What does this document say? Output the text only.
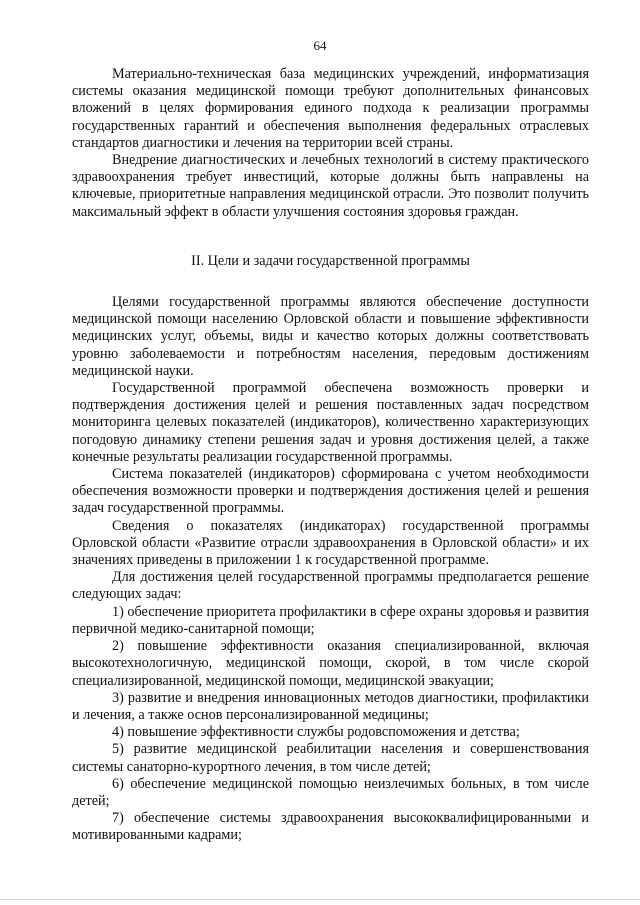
64

Материально-техническая база медицинских учреждений, информатизация системы оказания медицинской помощи требуют дополнительных финансовых вложений в целях формирования единого подхода к реализации программы государственных гарантий и обеспечения выполнения федеральных отраслевых стандартов диагностики и лечения на территории всей страны.

Внедрение диагностических и лечебных технологий в систему практического здравоохранения требует инвестиций, которые должны быть направлены на ключевые, приоритетные направления медицинской отрасли. Это позволит получить максимальный эффект в области улучшения состояния здоровья граждан.

II. Цели и задачи государственной программы

Целями государственной программы являются обеспечение доступности медицинской помощи населению Орловской области и повышение эффективности медицинских услуг, объемы, виды и качество которых должны соответствовать уровню заболеваемости и потребностям населения, передовым достижениям медицинской науки.

Государственной программой обеспечена возможность проверки и подтверждения достижения целей и решения поставленных задач посредством мониторинга целевых показателей (индикаторов), количественно характеризующих погодовую динамику степени решения задач и уровня достижения целей, а также конечные результаты реализации государственной программы.

Система показателей (индикаторов) сформирована с учетом необходимости обеспечения возможности проверки и подтверждения достижения целей и решения задач государственной программы.

Сведения о показателях (индикаторах) государственной программы Орловской области «Развитие отрасли здравоохранения в Орловской области» и их значениях приведены в приложении 1 к государственной программе.

Для достижения целей государственной программы предполагается решение следующих задач:

1) обеспечение приоритета профилактики в сфере охраны здоровья и развития первичной медико-санитарной помощи;

2) повышение эффективности оказания специализированной, включая высокотехнологичную, медицинской помощи, скорой, в том числе скорой специализированной, медицинской помощи, медицинской эвакуации;

3) развитие и внедрения инновационных методов диагностики, профилактики и лечения, а также основ персонализированной медицины;

4) повышение эффективности службы родовспоможения и детства;

5) развитие медицинской реабилитации населения и совершенствования системы санаторно-курортного лечения, в том числе детей;

6) обеспечение медицинской помощью неизлечимых больных, в том числе детей;

7) обеспечение системы здравоохранения высококвалифицированными и мотивированными кадрами;
